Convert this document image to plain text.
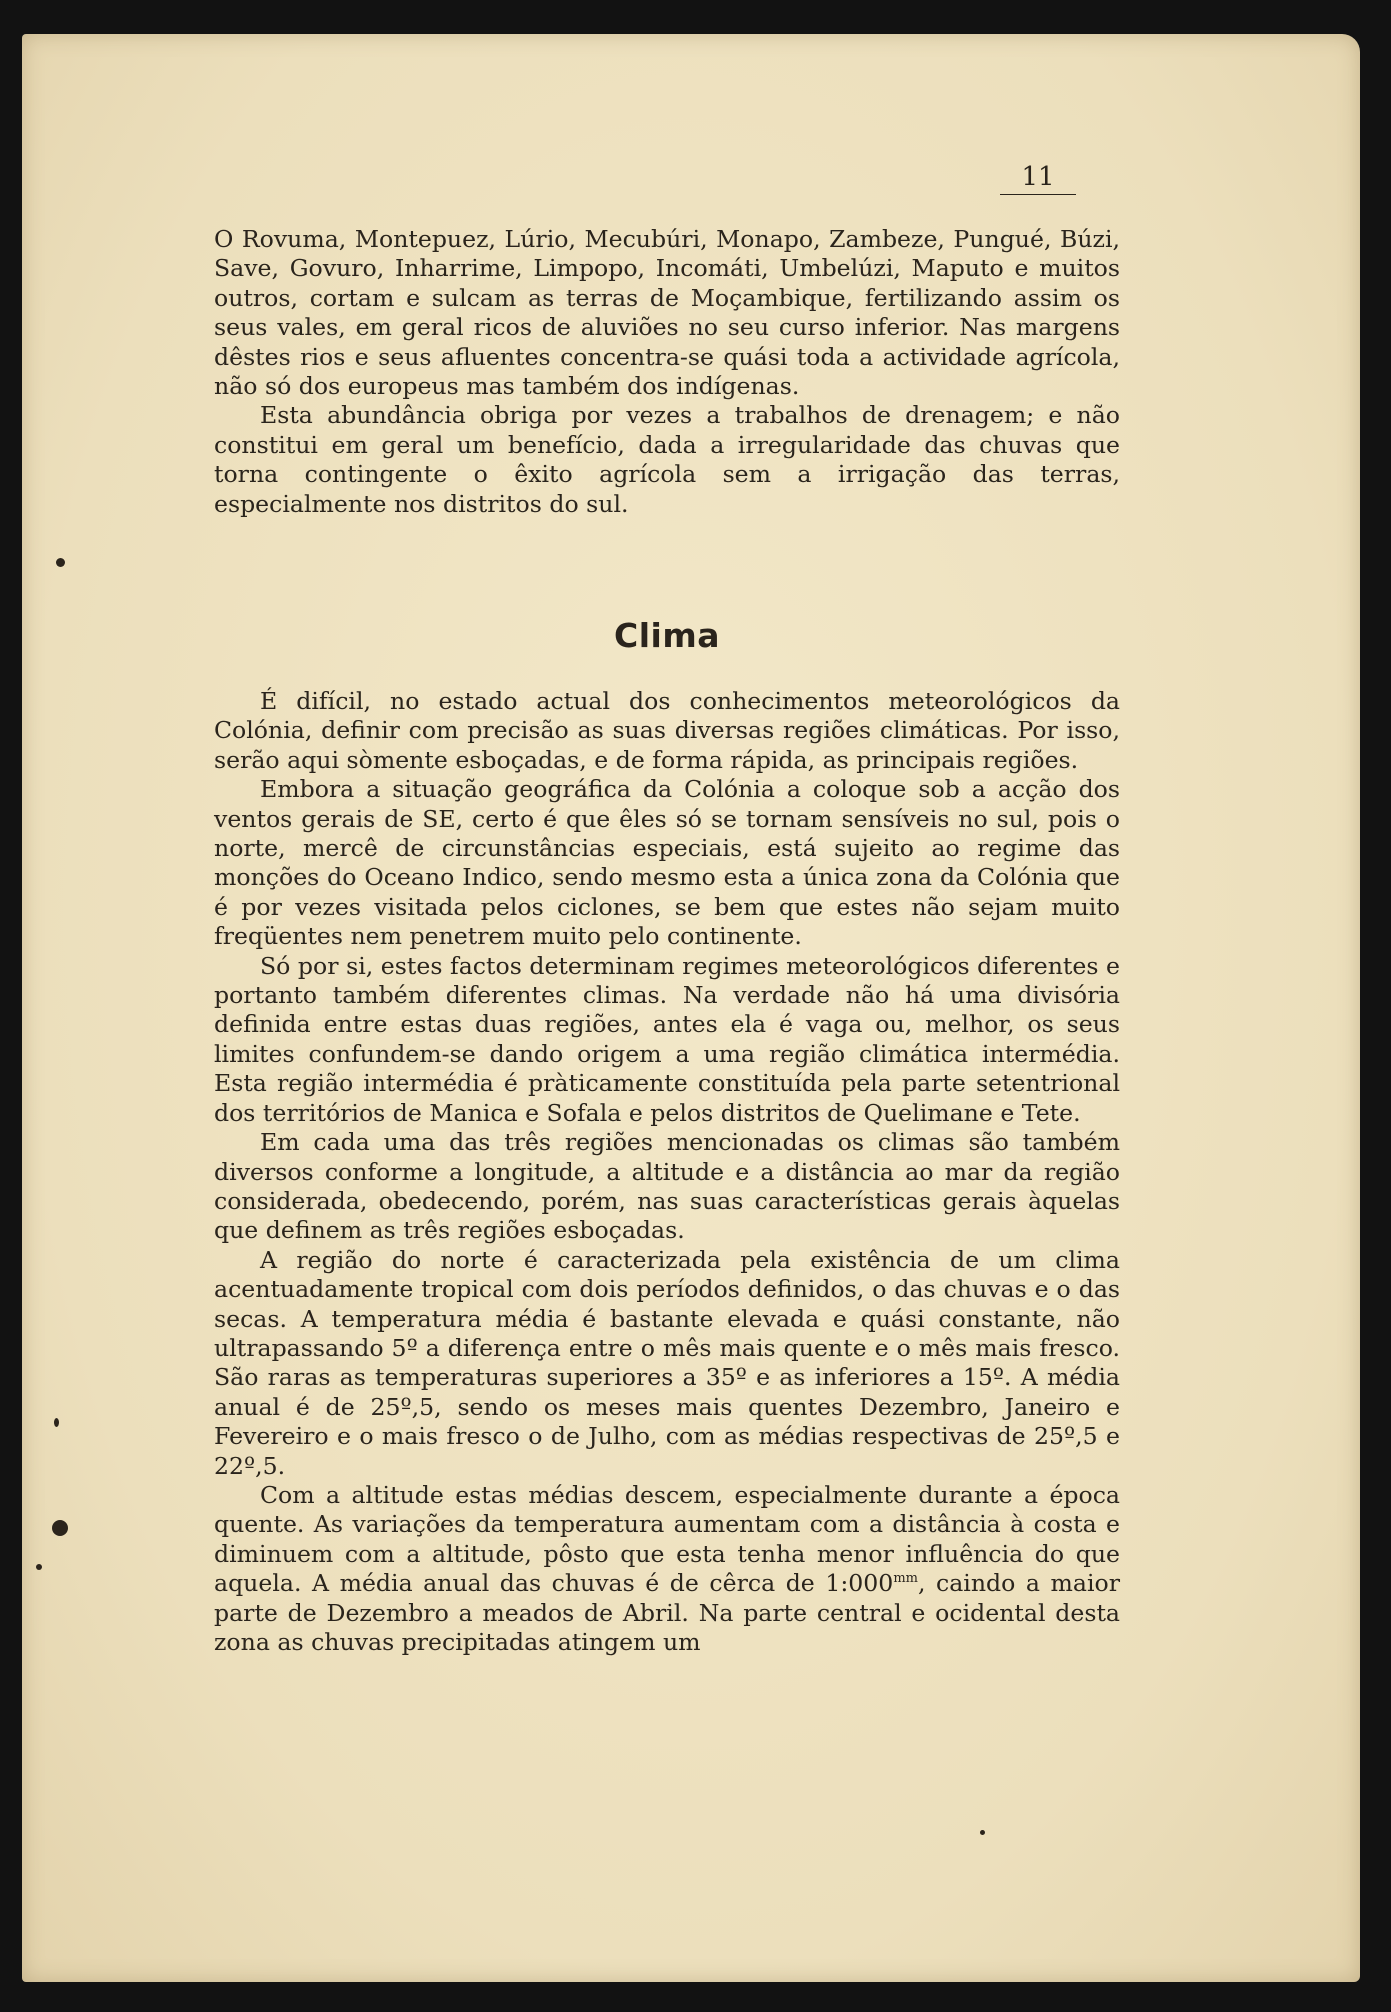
11

O Rovuma, Montepuez, Lúrio, Mecubúri, Monapo, Zambeze, Pungué, Búzi, Save, Govuro, Inharrime, Limpopo, Incomáti, Umbelúzi, Maputo e muitos outros, cortam e sulcam as terras de Moçambique, fertilizando assim os seus vales, em geral ricos de aluviões no seu curso inferior. Nas margens dêstes rios e seus afluentes concentra-se quási toda a actividade agrícola, não só dos europeus mas também dos indígenas.

Esta abundância obriga por vezes a trabalhos de drenagem; e não constitui em geral um benefício, dada a irregularidade das chuvas que torna contingente o êxito agrícola sem a irrigação das terras, especialmente nos distritos do sul.

Clima

É difícil, no estado actual dos conhecimentos meteorológicos da Colónia, definir com precisão as suas diversas regiões climáticas. Por isso, serão aqui sòmente esboçadas, e de forma rápida, as principais regiões.

Embora a situação geográfica da Colónia a coloque sob a acção dos ventos gerais de SE, certo é que êles só se tornam sensíveis no sul, pois o norte, mercê de circunstâncias especiais, está sujeito ao regime das monções do Oceano Indico, sendo mesmo esta a única zona da Colónia que é por vezes visitada pelos ciclones, se bem que estes não sejam muito freqüentes nem penetrem muito pelo continente.

Só por si, estes factos determinam regimes meteorológicos diferentes e portanto também diferentes climas. Na verdade não há uma divisória definida entre estas duas regiões, antes ela é vaga ou, melhor, os seus limites confundem-se dando origem a uma região climática intermédia. Esta região intermédia é pràticamente constituída pela parte setentrional dos territórios de Manica e Sofala e pelos distritos de Quelimane e Tete.

Em cada uma das três regiões mencionadas os climas são também diversos conforme a longitude, a altitude e a distância ao mar da região considerada, obedecendo, porém, nas suas características gerais àquelas que definem as três regiões esboçadas.

A região do norte é caracterizada pela existência de um clima acentuadamente tropical com dois períodos definidos, o das chuvas e o das secas. A temperatura média é bastante elevada e quási constante, não ultrapassando 5º a diferença entre o mês mais quente e o mês mais fresco. São raras as temperaturas superiores a 35º e as inferiores a 15º. A média anual é de 25º,5, sendo os meses mais quentes Dezembro, Janeiro e Fevereiro e o mais fresco o de Julho, com as médias respectivas de 25º,5 e 22º,5.

Com a altitude estas médias descem, especialmente durante a época quente. As variações da temperatura aumentam com a distância à costa e diminuem com a altitude, pôsto que esta tenha menor influência do que aquela. A média anual das chuvas é de cêrca de $1:000^{mm}$, caindo a maior parte de Dezembro a meados de Abril. Na parte central e ocidental desta zona as chuvas precipitadas atingem um
